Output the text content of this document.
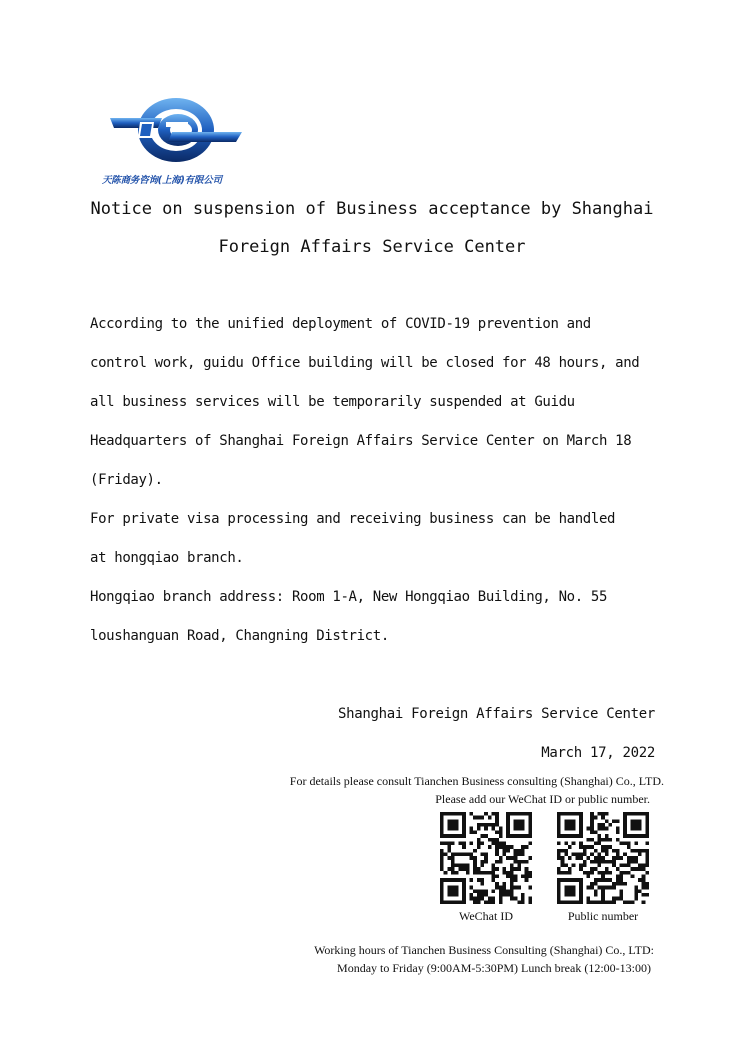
天陈商务咨询(上海)有限公司
Notice on suspension of Business acceptance by Shanghai
Foreign Affairs Service Center
According to the unified deployment of COVID-19 prevention and
control work, guidu Office building will be closed for 48 hours, and
all business services will be temporarily suspended at Guidu
Headquarters of Shanghai Foreign Affairs Service Center on March 18
(Friday).
For private visa processing and receiving business can be handled
at hongqiao branch.
Hongqiao branch address: Room 1-A, New Hongqiao Building, No. 55
loushanguan Road, Changning District.
Shanghai Foreign Affairs Service Center
March 17, 2022
For details please consult Tianchen Business consulting (Shanghai) Co., LTD.
Please add our WeChat ID or public number.
WeChat ID	Public number
Working hours of Tianchen Business Consulting (Shanghai) Co., LTD:
Monday to Friday (9:00AM-5:30PM) Lunch break (12:00-13:00)
